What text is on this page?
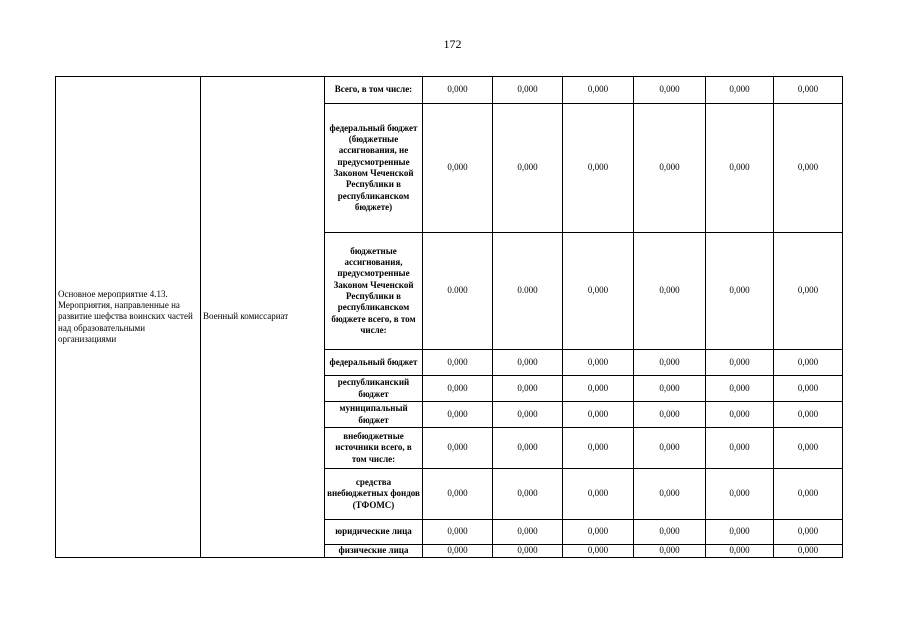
172
Основное мероприятие 4.13. Мероприятия, направленные на развитие шефства воинских частей над образовательными организациями	Военный комиссариат	Всего, в том числе:	0,000	0,000	0,000	0,000	0,000	0,000
		федеральный бюджет (бюджетные ассигнования, не предусмотренные Законом Чеченской Республики в республиканском бюджете)	0,000	0,000	0,000	0,000	0,000	0,000
		бюджетные ассигнования, предусмотренные Законом Чеченской Республики в республиканском бюджете всего, в том числе:	0.000	0.000	0,000	0,000	0,000	0,000
		федеральный бюджет	0,000	0,000	0,000	0,000	0,000	0,000
		республиканский бюджет	0,000	0,000	0,000	0,000	0,000	0,000
		муниципальный бюджет	0,000	0,000	0,000	0,000	0,000	0,000
		внебюджетные источники всего, в том числе:	0,000	0,000	0,000	0,000	0,000	0,000
		средства внебюджетных фондов (ТФОМС)	0,000	0,000	0,000	0,000	0,000	0,000
		юридические лица	0,000	0,000	0,000	0,000	0,000	0,000
		физические лица	0,000	0,000	0,000	0,000	0,000	0,000
